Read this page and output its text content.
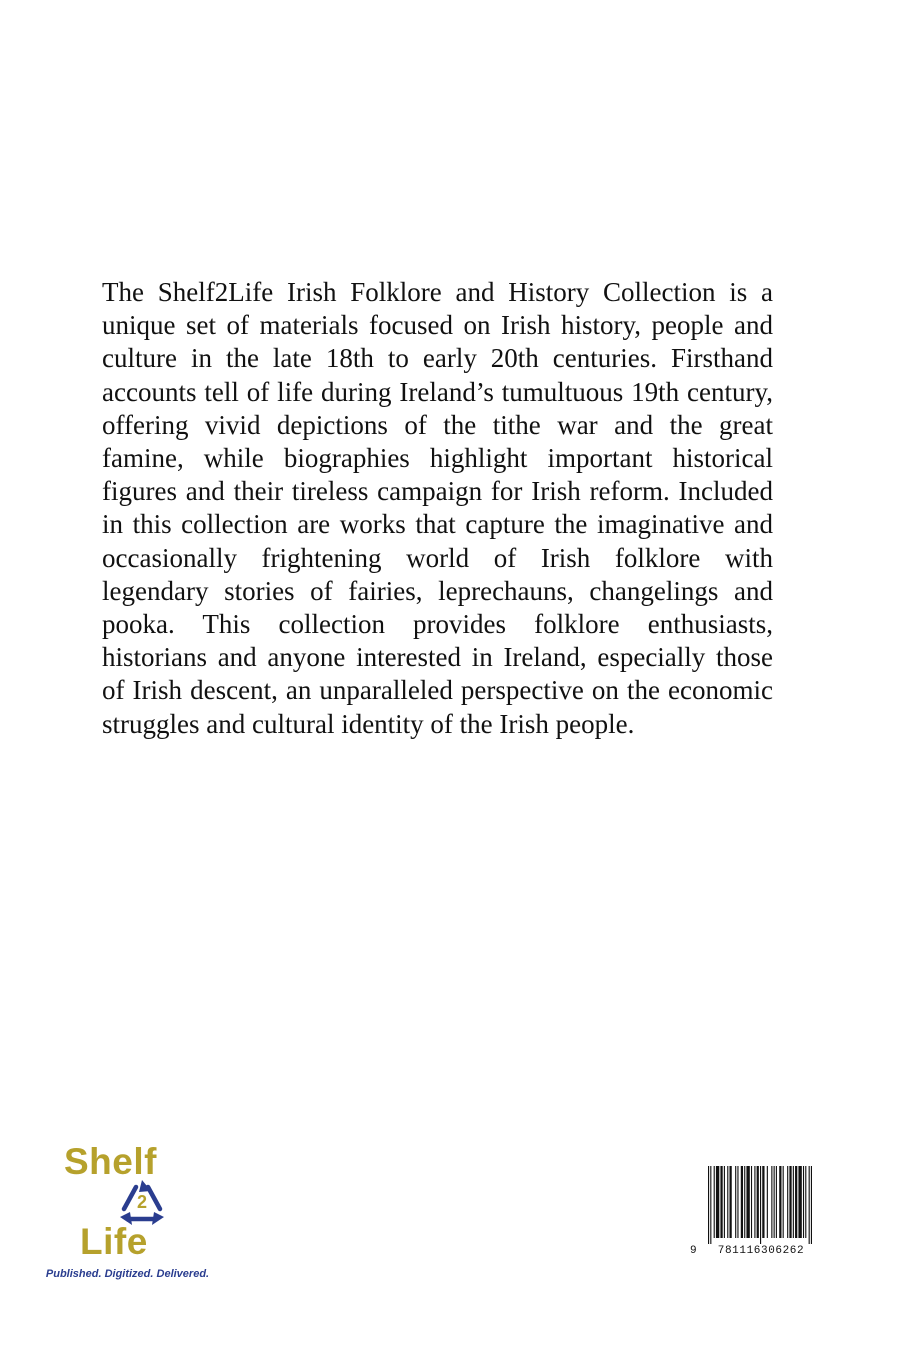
The Shelf2Life Irish Folklore and History Collection is a unique set of materials focused on Irish history, people and culture in the late 18th to early 20th centuries. Firsthand accounts tell of life during Ireland’s tumultuous 19th century, offering vivid depictions of the tithe war and the great famine, while biographies highlight important historical figures and their tireless campaign for Irish reform. Included in this collection are works that capture the imaginative and occasionally frightening world of Irish folklore with legendary stories of fairies, leprechauns, changelings and pooka. This collection provides folklore enthusiasts, historians and anyone interested in Ireland, especially those of Irish descent, an unparalleled perspective on the economic struggles and cultural identity of the Irish people.

Shelf
2
Life
Published. Digitized. Delivered.
9	781116306262
